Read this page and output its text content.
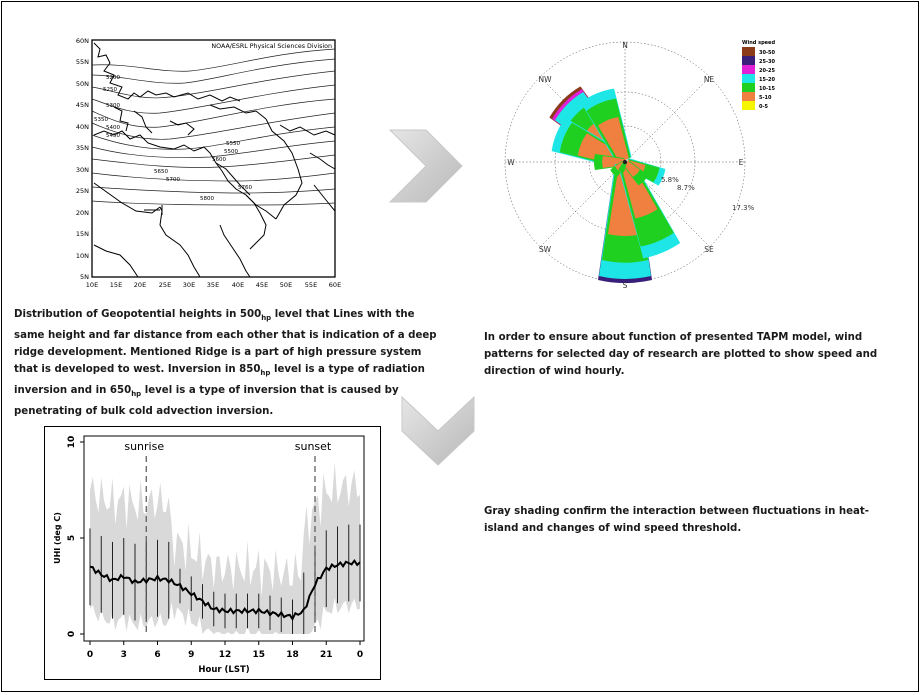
60N
55N
50N
45N
40N
35N
30N
25N
20N
15N
10N
5N
10E 15E 20E 25E 30E 35E 40E 45E 50E 55E 60E
NOAA/ESRL Physical Sciences Division
5200
5250
5300
5350
5400
5450
5500
5550
5600
5650
5700
5760
5800
N
NE
E
SE
S
SW
W
NW
5.8%
8.7%
17.3%
Wind speed
30-50
25-30
20-25
15-20
10-15
5-10
0-5
Distribution of Geopotential heights in $500_{hp}$ level that Lines with the same height and far distance from each other that is indication of a deep ridge development. Mentioned Ridge is a part of high pressure system that is developed to west. Inversion in $850_{hp}$ level is a type of radiation inversion and in $650_{hp}$ level is a type of inversion that is caused by penetrating of bulk cold advection inversion.
In order to ensure about function of presented TAPM model, wind patterns for selected day of research are plotted to show speed and direction of wind hourly.
Gray shading confirm the interaction between fluctuations in heat-island and changes of wind speed threshold.
0	3	6	9	12 15 18 21	0
0
5
10	sunrise	sunset
Hour (LST)
UHI (deg C)
